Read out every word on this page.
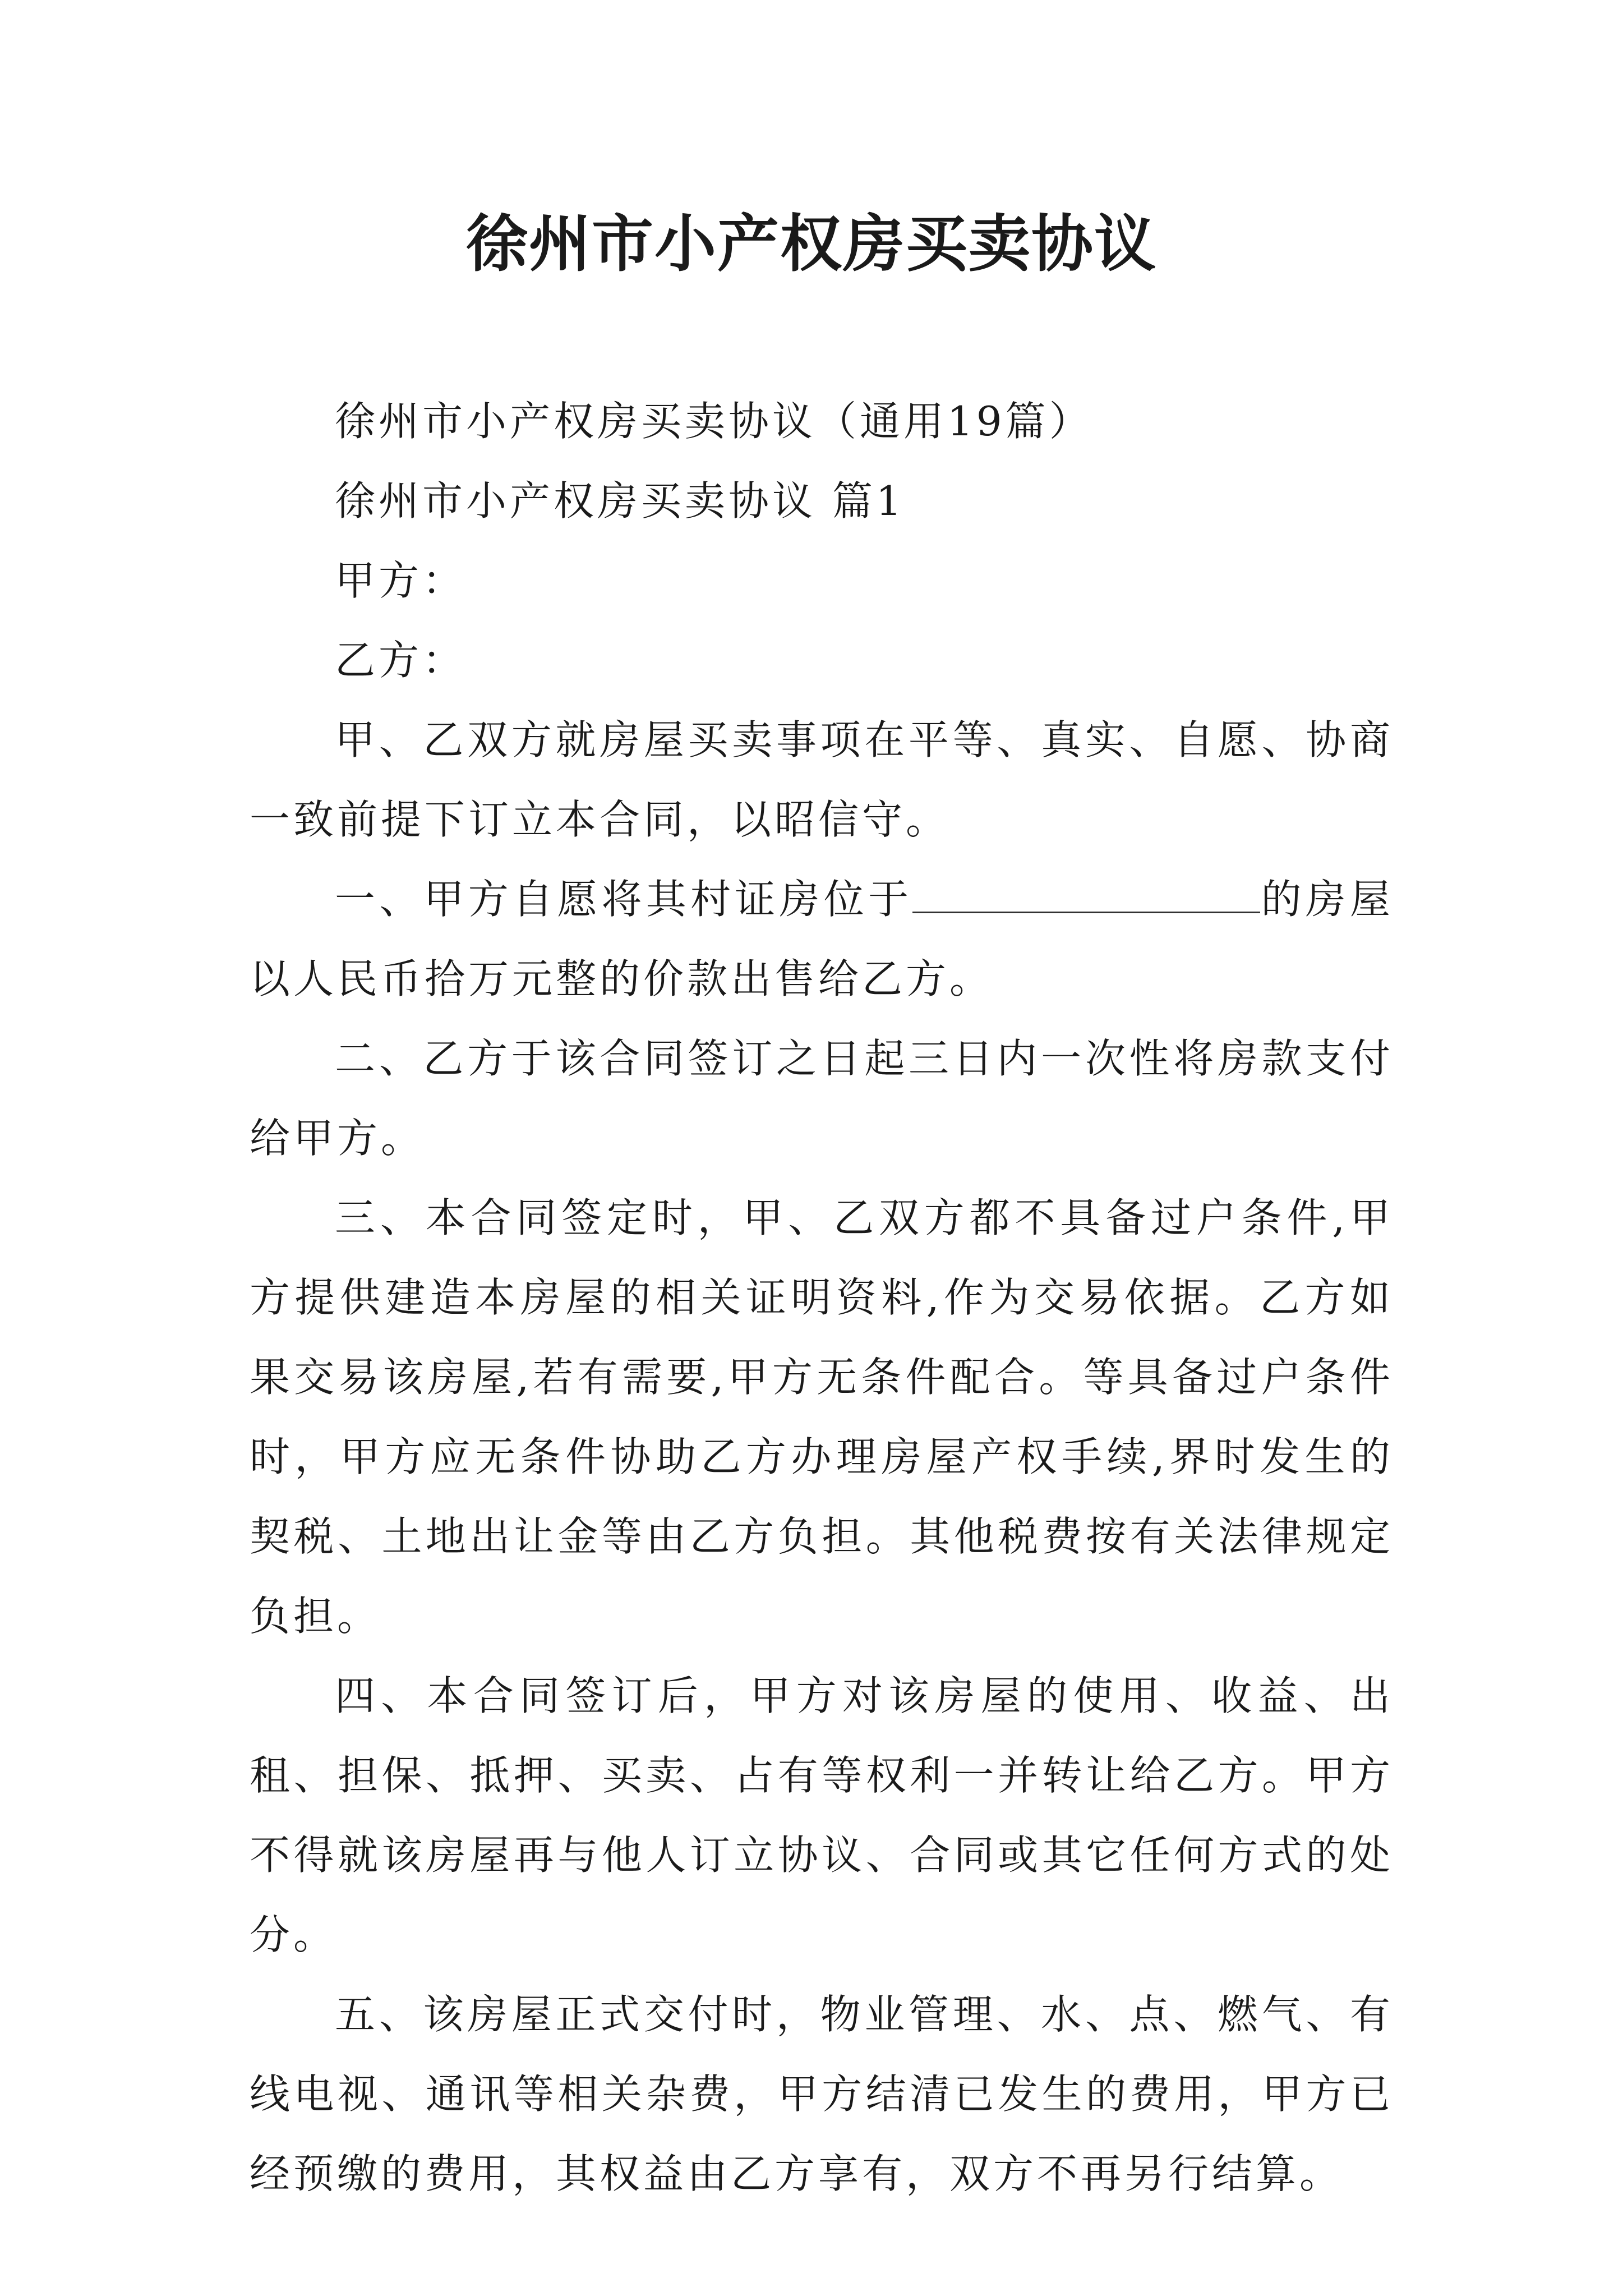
徐州市小产权房买卖协议

徐州市小产权房买卖协议（通用19篇）

徐州市小产权房买卖协议 篇1

甲方：

乙方：

甲、乙双方就房屋买卖事项在平等、真实、自愿、协商一致前提下订立本合同，以昭信守。

一、甲方自愿将其村证房位于	的房屋以人民币拾万元整的价款出售给乙方。

二、乙方于该合同签订之日起三日内一次性将房款支付给甲方。

三、本合同签定时，甲、乙双方都不具备过户条件,甲方提供建造本房屋的相关证明资料,作为交易依据。乙方如果交易该房屋,若有需要,甲方无条件配合。等具备过户条件时，甲方应无条件协助乙方办理房屋产权手续,界时发生的契税、土地出让金等由乙方负担。其他税费按有关法律规定负担。

四、本合同签订后，甲方对该房屋的使用、收益、出租、担保、抵押、买卖、占有等权利一并转让给乙方。甲方不得就该房屋再与他人订立协议、合同或其它任何方式的处分。

五、该房屋正式交付时，物业管理、水、点、燃气、有线电视、通讯等相关杂费，甲方结清已发生的费用，甲方已经预缴的费用，其权益由乙方享有，双方不再另行结算。
